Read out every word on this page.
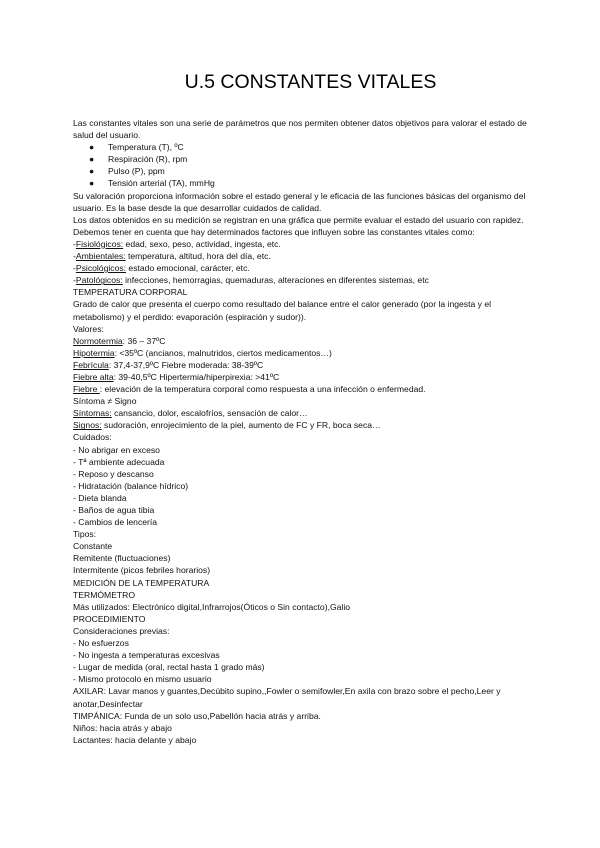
U.5 CONSTANTES VITALES

Las constantes vitales son una serie de parámetros que nos permiten obtener datos objetivos para valorar el estado de salud del usuario.

● Temperatura (T), ºC
● Respiración (R), rpm
● Pulso (P), ppm
● Tensión arterial (TA), mmHg

Su valoración proporciona información sobre el estado general y le eficacia de las funciones básicas del organismo del usuario. Es la base desde la que desarrollar cuidados de calidad.

Los datos obtenidos en su medición se registran en una gráfica que permite evaluar el estado del usuario con rapidez.

Debemos tener en cuenta que hay determinados factores que influyen sobre las constantes vitales como:

-Fisiológicos: edad, sexo, peso, actividad, ingesta, etc.

-Ambientales: temperatura, altitud, hora del día, etc.

-Psicológicos: estado emocional, carácter, etc.

-Patológicos: infecciones, hemorragias, quemaduras, alteraciones en diferentes sistemas, etc

TEMPERATURA CORPORAL

Grado de calor que presenta el cuerpo como resultado del balance entre el calor generado (por la ingesta y el metabolismo) y el perdido: evaporación (espiración y sudor)).

Valores:

Normotermia: 36 – 37ºC

Hipotermia: <35ºC (ancianos, malnutridos, ciertos medicamentos…)

Febrícula: 37,4-37,9ºC Fiebre moderada: 38-39ºC

Fiebre alta: 39-40,5ºC Hipertermia/hiperpirexia: >41ºC

Fiebre : elevación de la temperatura corporal como respuesta a una infección o enfermedad.

Síntoma ≠ Signo

Síntomas: cansancio, dolor, escalofríos, sensación de calor…

Signos: sudoración, enrojecimiento de la piel, aumento de FC y FR, boca seca…

Cuidados:

- No abrigar en exceso

- Tª ambiente adecuada

- Reposo y descanso

- Hidratación (balance hídrico)

- Dieta blanda

- Baños de agua tibia

- Cambios de lencería

Tipos:

Constante

Remitente (fluctuaciones)

Intermitente (picos febriles horarios)

MEDICIÓN DE LA TEMPERATURA

TERMÓMETRO

Más utilizados: Electrónico digital,Infrarrojos(Óticos o Sin contacto),Galio

PROCEDIMIENTO

Consideraciones previas:

- No esfuerzos

- No ingesta a temperaturas excesivas

- Lugar de medida (oral, rectal hasta 1 grado más)

- Mismo protocolo en mismo usuario

AXILAR: Lavar manos y guantes,Decúbito supino,,Fowler o semifowler,En axila con brazo sobre el pecho,Leer y anotar,Desinfectar

TIMPÁNICA: Funda de un solo uso,Pabellón hacia atrás y arriba.

Niños: hacia atrás y abajo

Lactantes: hacia delante y abajo
